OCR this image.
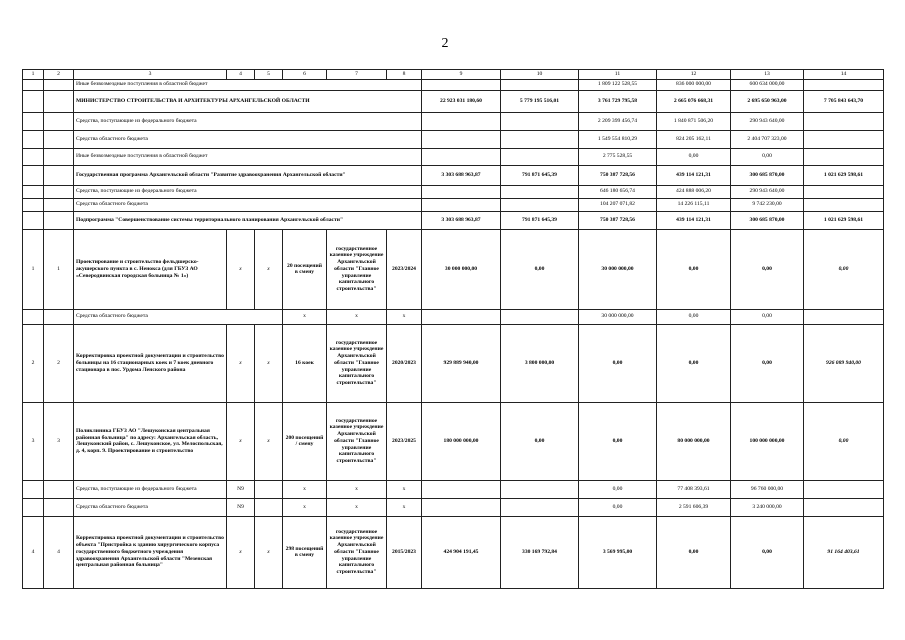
2
1	2	3	4	5	6	7	8	9	10	11	12	13	14
		Иные безвозмездные поступления в областной бюджет								1 809 122 528,55	836 000 000,00	600 634 000,00	
		МИНИСТЕРСТВО СТРОИТЕЛЬСТВА И АРХИТЕКТУРЫ АРХАНГЕЛЬСКОЙ ОБЛАСТИ						22 923 031 180,60	5 779 195 516,01	3 761 729 795,58	2 665 076 668,31	2 695 650 963,00	7 705 843 643,70
		Средства, поступающие из федерального бюджета								2 209 399 456,74	1 840 871 506,20	290 943 640,00	
		Средства областного бюджета								1 549 554 810,29	824 205 162,11	2 404 707 323,00	
		Иные безвозмездные поступления в областной бюджет								2 775 528,55	0,00	0,00	
		Государственная программа Архангельской области "Развитие здравоохранения Архангельской области"						3 303 688 963,87	791 871 645,39	750 387 728,56	439 114 121,31	300 685 870,00	1 021 629 598,61
		Средства, поступающие из федерального бюджета								646 180 656,74	424 888 006,20	290 943 640,00	
		Средства областного бюджета								104 207 071,82	14 226 115,11	9 742 230,00	
		Подпрограмма "Совершенствование системы территориального планирования Архангельской области"						3 303 688 963,87	791 871 645,39	750 387 728,56	439 114 121,31	300 685 870,00	1 021 629 598,61
1	1	Проектирование и строительство фельдшерско-акушерского пункта в с. Ненокса (для ГБУЗ АО «Северодвинская городская больница № 1»)	х	х	20 посещений в смену	государственное казенное учреждение Архангельской области "Главное управление капитального строительства"	2023/2024	30 000 000,00	0,00	30 000 000,00	0,00	0,00	0,00
		Средства областного бюджета			х	х	х			30 000 000,00	0,00	0,00	
2	2	Корректировка проектной документации и строительство больницы на 16 стационарных коек и 7 коек дневного стационара в пос. Урдома Ленского района	х	х	16 коек	государственное казенное учреждение Архангельской области "Главное управление капитального строительства"	2020/2023	929 889 940,00	3 800 000,00	0,00	0,00	0,00	926 089 940,00
3	3	Поликлиника ГБУЗ АО "Лешуконская центральная районная больница" по адресу: Архангельская область, Лешуконский район, с. Лешуконское, ул. Мелоспольская, д. 4, корп. 9. Проектирование и строительство	х	х	200 посещений / смену	государственное казенное учреждение Архангельской области "Главное управление капитального строительства"	2023/2025	180 000 000,00	0,00	0,00	80 000 000,00	100 000 000,00	0,00
		Средства, поступающие из федерального бюджета	N9		х	х	х			0,00	77 408 393,61	96 760 000,00	
		Средства областного бюджета	N9		х	х	х			0,00	2 591 606,39	3 240 000,00	
4	4	Корректировка проектной документации и строительство объекта "Пристройка к зданию хирургического корпуса государственного бюджетного учреждения здравоохранения Архангельской области "Мезенская центральная районная больница"	х	х	298 посещений в смену	государственное казенное учреждение Архангельской области "Главное управление капитального строительства"	2015/2023	424 904 191,45	330 169 792,84	3 569 995,00	0,00	0,00	91 164 403,61
